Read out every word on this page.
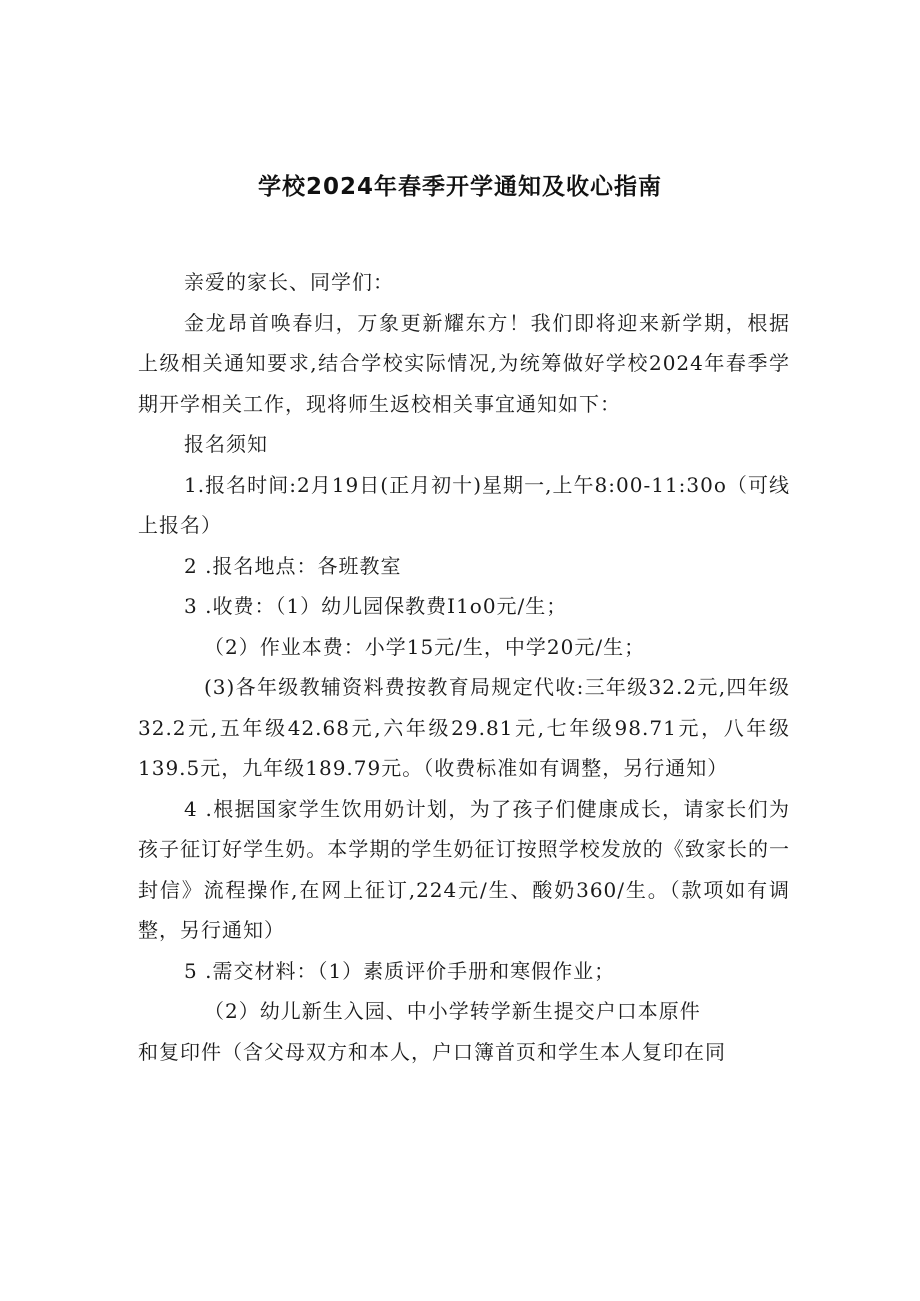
学校2024年春季开学通知及收心指南

亲爱的家长、同学们：

金龙昂首唤春归，万象更新耀东方！我们即将迎来新学期，根据上级相关通知要求,结合学校实际情况,为统筹做好学校2024年春季学期开学相关工作，现将师生返校相关事宜通知如下：

报名须知

1.报名时间:2月19日(正月初十)星期一,上午8:00-11:30o（可线上报名）

2 .报名地点：各班教室

3 .收费：（1）幼儿园保教费I1o0元/生；

（2）作业本费：小学15元/生，中学20元/生；

(3)各年级教辅资料费按教育局规定代收:三年级32.2元,四年级32.2元,五年级42.68元,六年级29.81元,七年级98.71元，八年级139.5元，九年级189.79元。（收费标准如有调整，另行通知）

4 .根据国家学生饮用奶计划，为了孩子们健康成长，请家长们为孩子征订好学生奶。本学期的学生奶征订按照学校发放的《致家长的一封信》流程操作,在网上征订,224元/生、酸奶360/生。（款项如有调整，另行通知）

5 .需交材料：（1）素质评价手册和寒假作业；

（2）幼儿新生入园、中小学转学新生提交户口本原件

和复印件（含父母双方和本人，户口簿首页和学生本人复印在同
